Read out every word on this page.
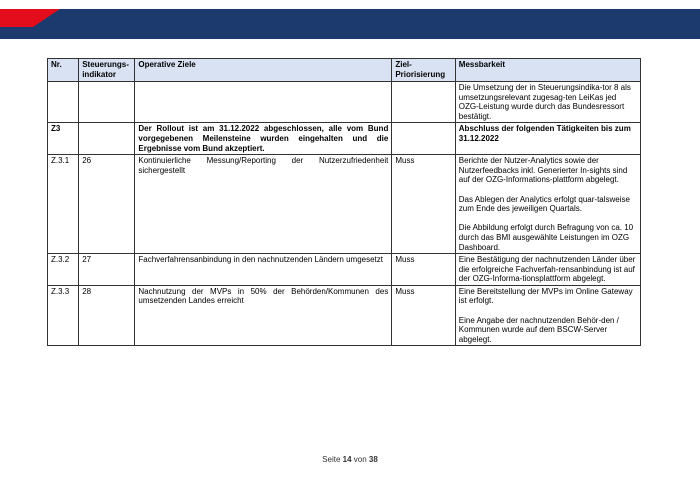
Nr.	Steuerungs-indikator	Operative Ziele	Ziel-Priorisierung	Messbarkeit
				Die Umsetzung der in Steuerungsindika-tor 8 als umsetzungsrelevant zugesag-ten LeiKas jed OZG-Leistung wurde durch das Bundesressort bestätigt.
Z3		Der Rollout ist am 31.12.2022 abgeschlossen, alle vom Bund vorgegebenen Meilensteine wurden eingehalten und die Ergebnisse vom Bund akzeptiert.		Abschluss der folgenden Tätigkeiten bis zum 31.12.2022
Z.3.1	26	Kontinuierliche Messung/Reporting der Nutzerzufriedenheit sichergestellt	Muss	Berichte der Nutzer-Analytics sowie der Nutzerfeedbacks inkl. Generierter In-sights sind auf der OZG-Informations-plattform abgelegt.

Das Ablegen der Analytics erfolgt quar-talsweise zum Ende des jeweiligen Quartals.

Die Abbildung erfolgt durch Befragung von ca. 10 durch das BMI ausgewählte Leistungen im OZG Dashboard.

Z.3.2	27	Fachverfahrensanbindung in den nachnutzenden Ländern umgesetzt	Muss	Eine Bestätigung der nachnutzenden Länder über die erfolgreiche Fachverfah-rensanbindung ist auf der OZG-Informa-tionsplattform abgelegt.

Z.3.3	28	Nachnutzung der MVPs in 50% der Behörden/Kommunen des umsetzenden Landes erreicht	Muss	Eine Bereitstellung der MVPs im Online Gateway ist erfolgt.

Eine Angabe der nachnutzenden Behör-den / Kommunen wurde auf dem BSCW-Server abgelegt.

Seite 14 von 38
